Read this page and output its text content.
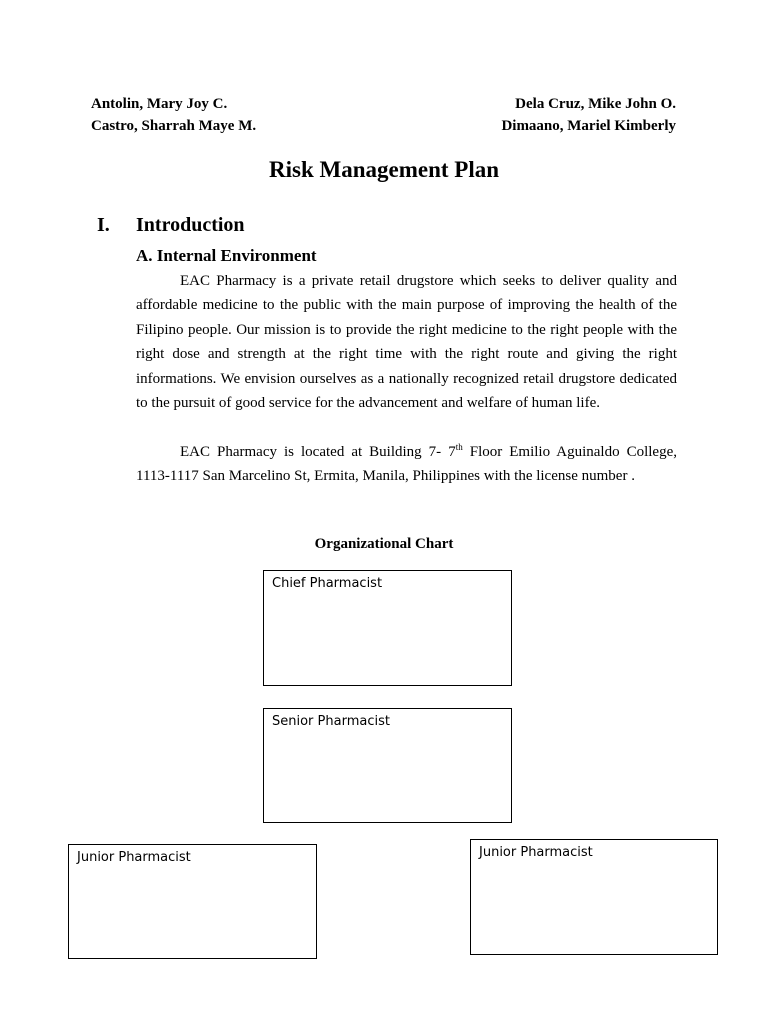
Antolin, Mary Joy C.
Castro, Sharrah Maye M.
Dela Cruz, Mike John O.
Dimaano, Mariel Kimberly
Risk Management Plan
I. Introduction
A. Internal Environment

EAC Pharmacy is a private retail drugstore which seeks to deliver quality and affordable medicine to the public with the main purpose of improving the health of the Filipino people. Our mission is to provide the right medicine to the right people with the right dose and strength at the right time with the right route and giving the right informations. We envision ourselves as a nationally recognized retail drugstore dedicated to the pursuit of good service for the advancement and welfare of human life.

EAC Pharmacy is located at Building 7- 7th Floor Emilio Aguinaldo College, 1113-1117 San Marcelino St, Ermita, Manila, Philippines with the license number .

Organizational Chart
Chief Pharmacist
Senior Pharmacist
Junior Pharmacist	Junior Pharmacist
